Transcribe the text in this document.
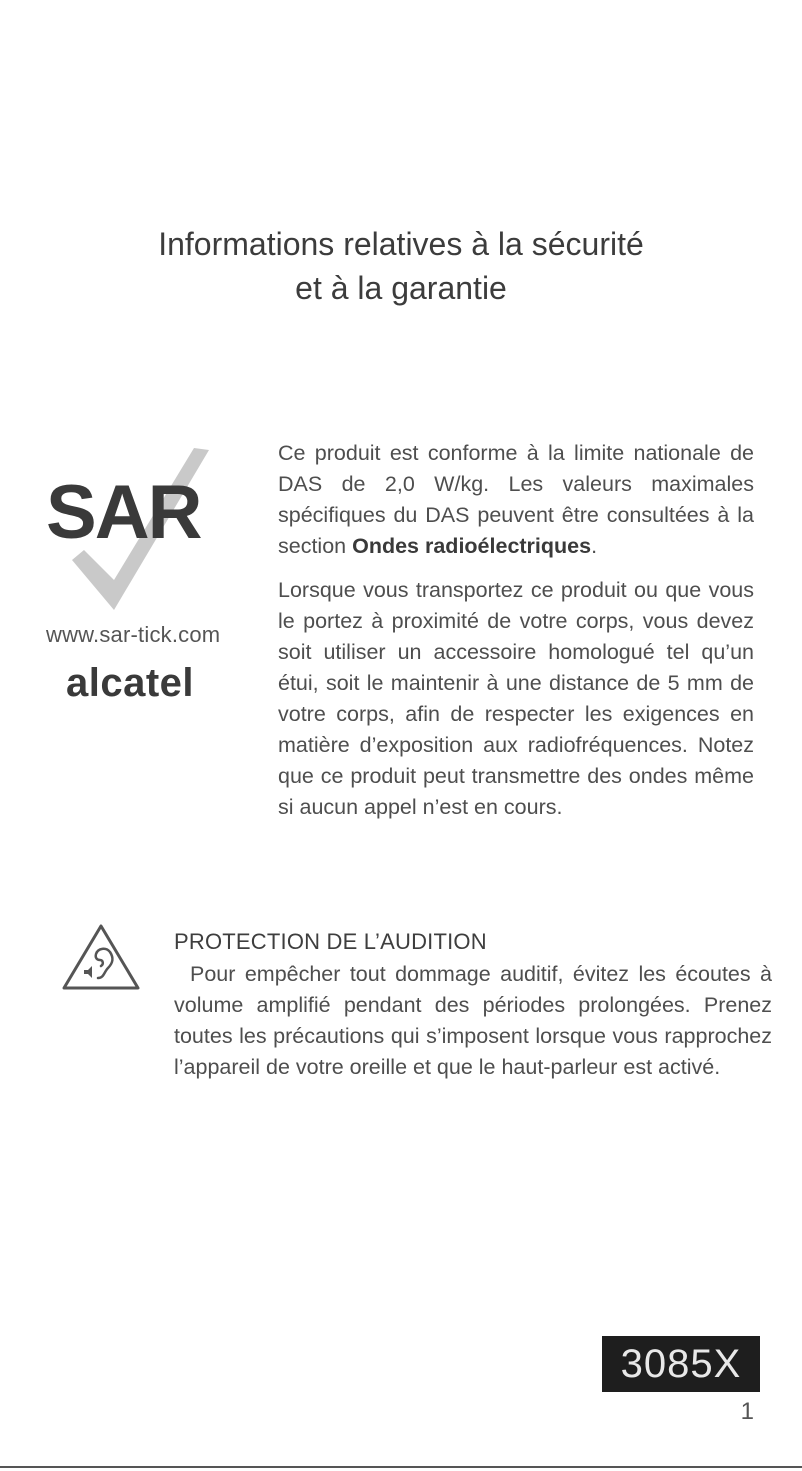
Informations relatives à la sécurité
et à la garantie
SAR
www.sar-tick.com
alcatel

Ce produit est conforme à la limite nationale de DAS de 2,0 W/kg. Les valeurs maximales spécifiques du DAS peuvent être consultées à la section Ondes radioélectriques.

Lorsque vous transportez ce produit ou que vous le portez à proximité de votre corps, vous devez soit utiliser un accessoire homologué tel qu’un étui, soit le maintenir à une distance de 5 mm de votre corps, afin de respecter les exigences en matière d’exposition aux radiofréquences. Notez que ce produit peut transmettre des ondes même si aucun appel n’est en cours.

PROTECTION DE L’AUDITION

Pour empêcher tout dommage auditif, évitez les écoutes à volume amplifié pendant des périodes prolongées. Prenez toutes les précautions qui s’imposent lorsque vous rapprochez l’appareil de votre oreille et que le haut-parleur est activé.

3085X
1
